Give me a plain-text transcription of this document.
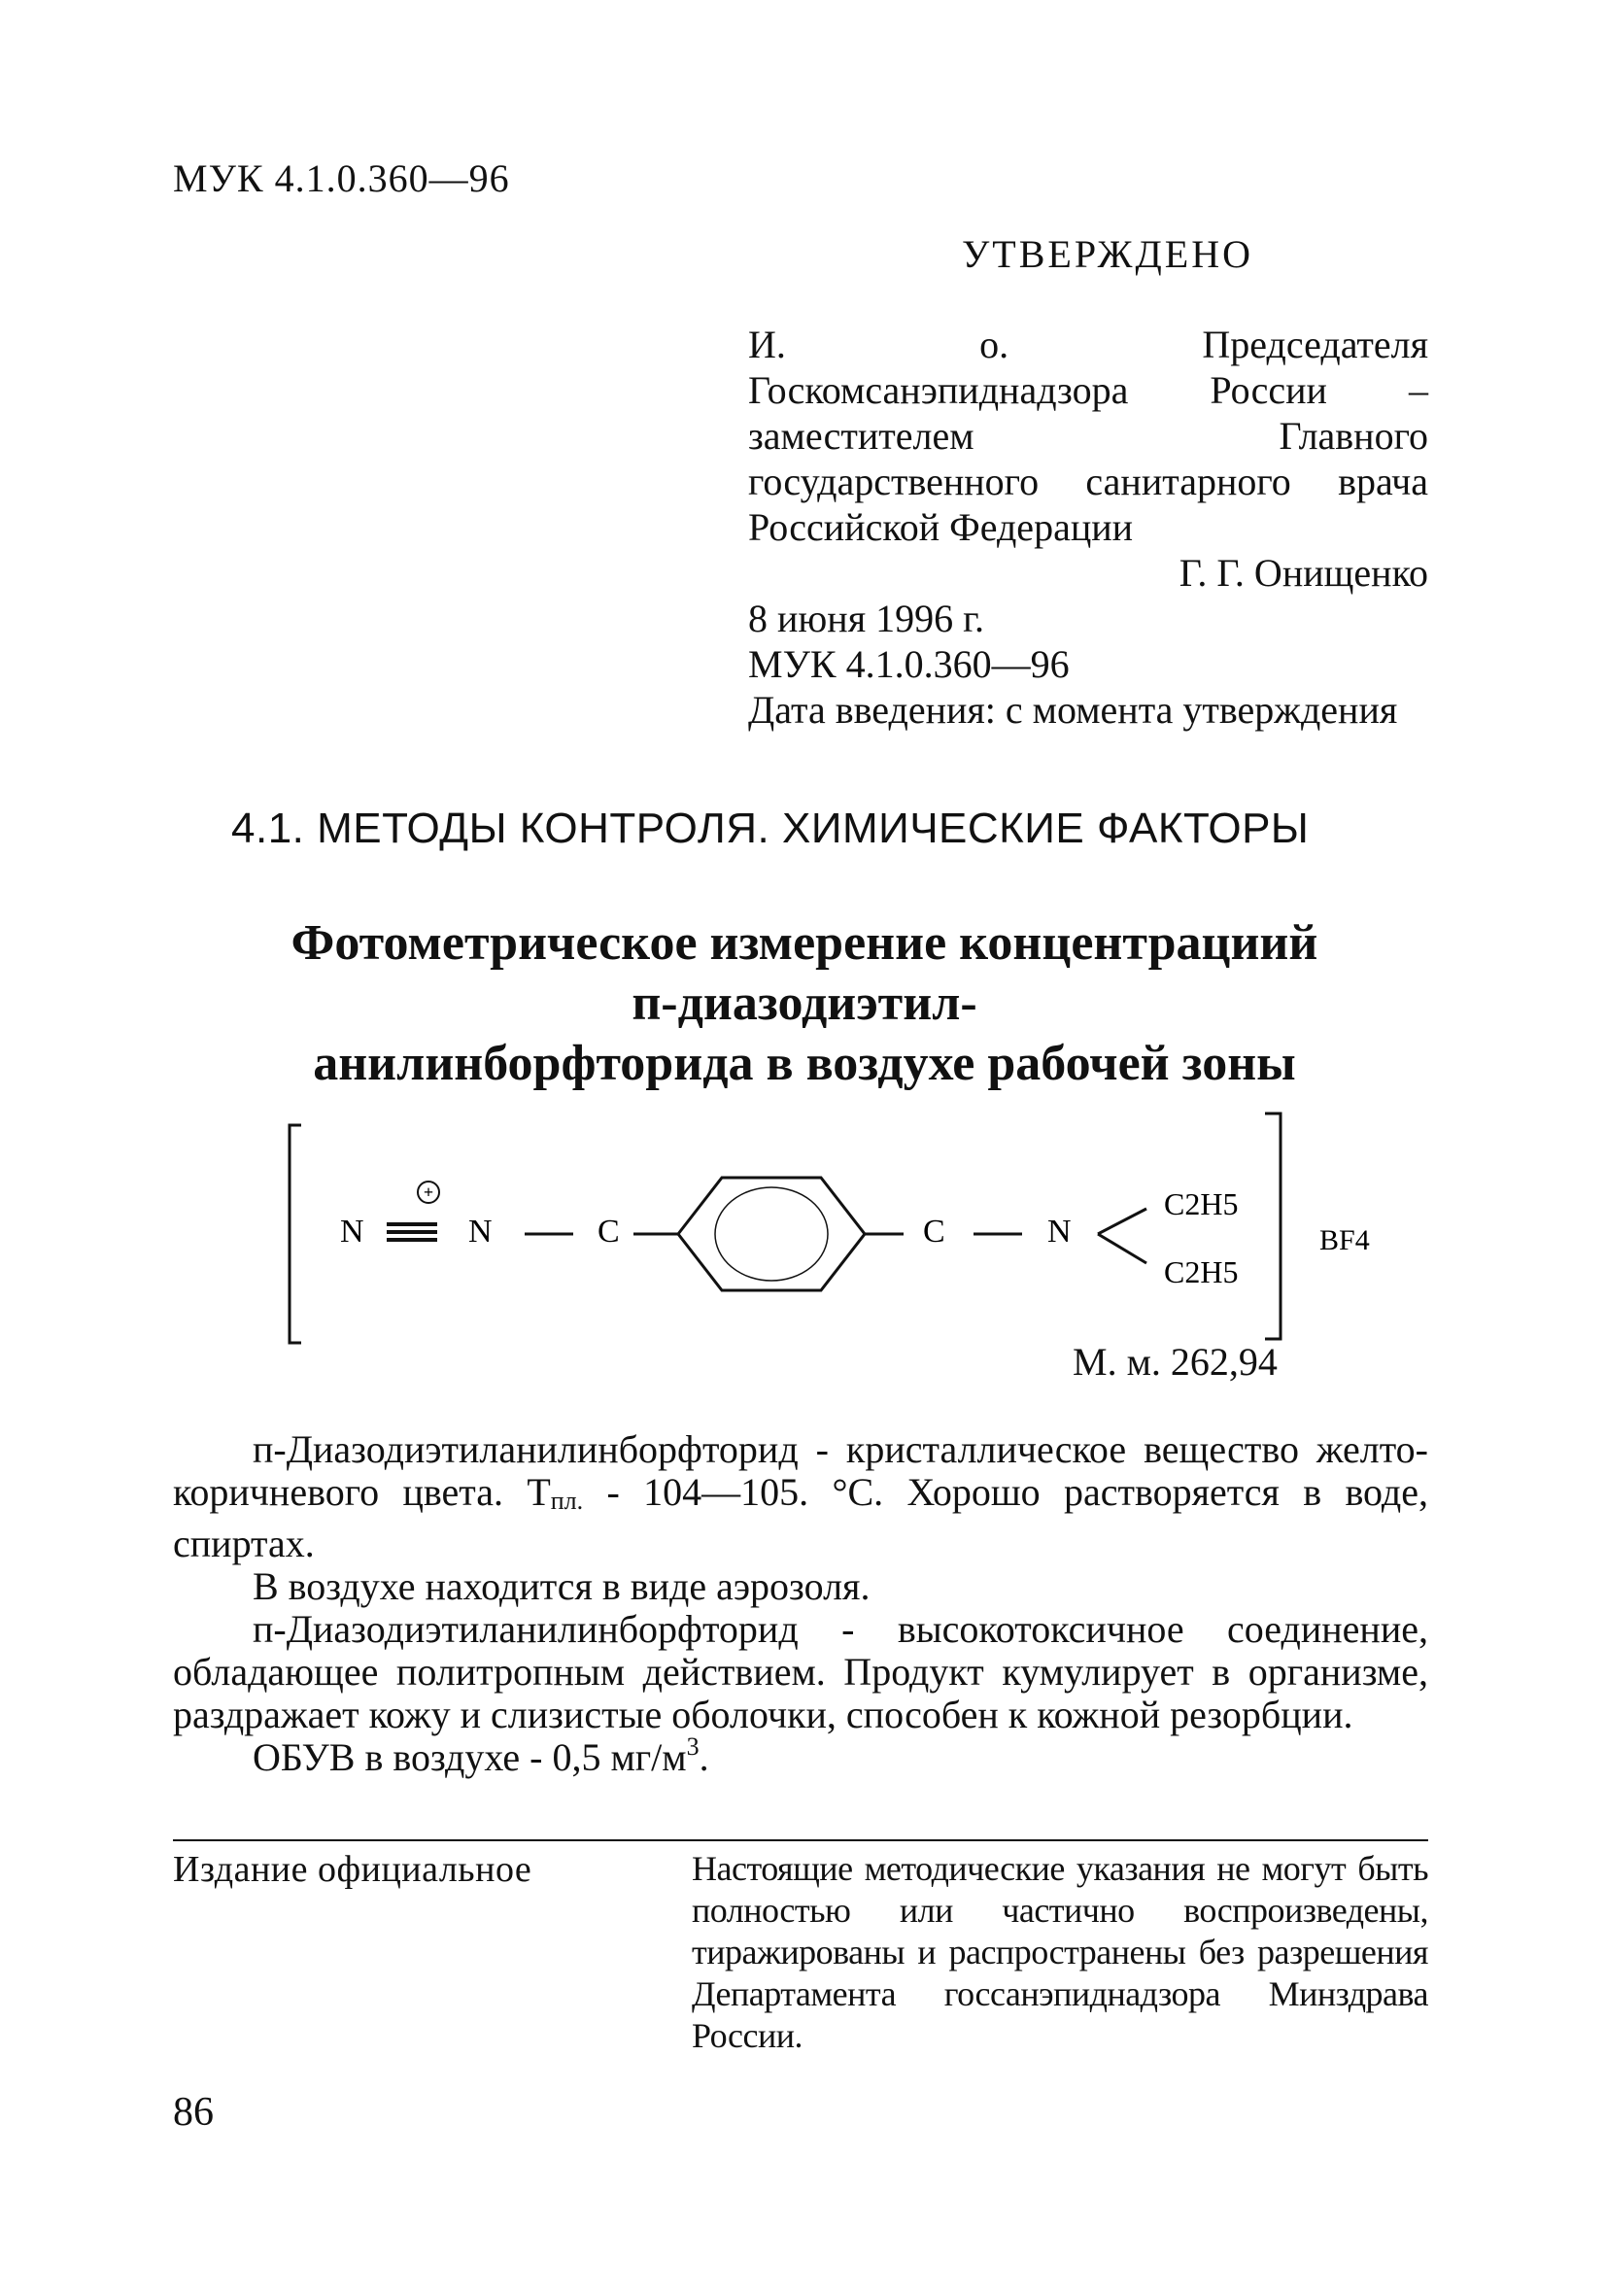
МУК 4.1.0.360—96
УТВЕРЖДЕНО
И. о. Председателя Госкомсанэпиднадзора России – заместителем Главного государственного санитарного врача Российской Федерации
Г. Г. Онищенко
8 июня 1996 г.
МУК 4.1.0.360—96
Дата введения: с момента утверждения
4.1. МЕТОДЫ КОНТРОЛЯ. ХИМИЧЕСКИЕ ФАКТОРЫ
Фотометрическое измерение концентрациий
п-диазодиэтил-
анилинборфторида в воздухе рабочей зоны
+
N	N	C	C	N
C2H5
C2H5
BF4
М. м. 262,94

п-Диазодиэтиланилинборфторид - кристаллическое вещество желто-коричневого цвета. $Т_{пл.}$ - 104—105. °С. Хорошо растворяется в воде, спиртах.

В воздухе находится в виде аэрозоля.

п-Диазодиэтиланилинборфторид - высокотоксичное соединение, обладающее политропным действием. Продукт кумулирует в организме, раздражает кожу и слизистые оболочки, способен к кожной резорбции.

ОБУВ в воздухе - 0,5 $мг/м^3$.

Издание официальное	Настоящие методические указания не могут быть полностью или частично воспроизведены, тиражированы и распространены без разрешения Департамента госсанэпиднадзора Минздрава России.
86
